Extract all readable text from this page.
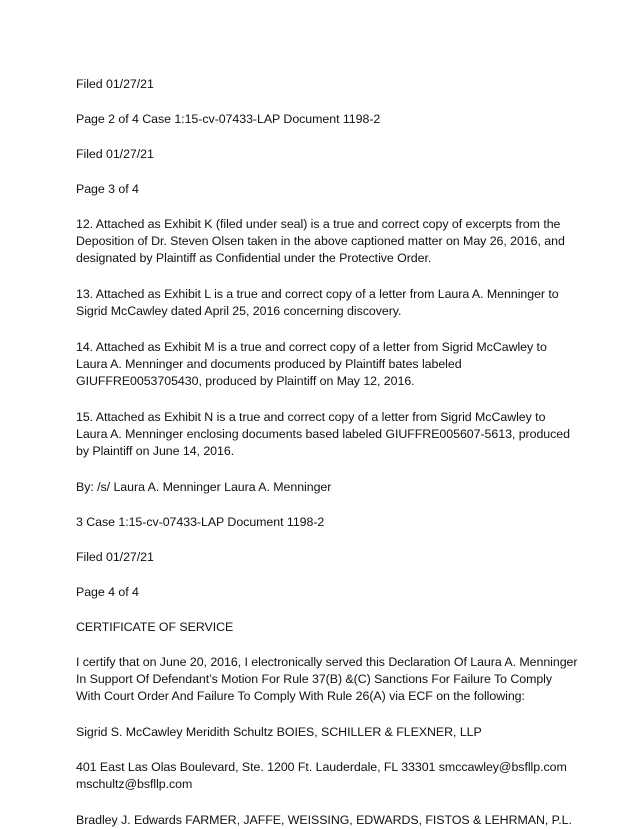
Filed 01/27/21

Page 2 of 4 Case 1:15-cv-07433-LAP Document 1198-2

Filed 01/27/21

Page 3 of 4

12. Attached as Exhibit K (filed under seal) is a true and correct copy of excerpts from the Deposition of Dr. Steven Olsen taken in the above captioned matter on May 26, 2016, and designated by Plaintiff as Confidential under the Protective Order.

13. Attached as Exhibit L is a true and correct copy of a letter from Laura A. Menninger to Sigrid McCawley dated April 25, 2016 concerning discovery.

14. Attached as Exhibit M is a true and correct copy of a letter from Sigrid McCawley to Laura A. Menninger and documents produced by Plaintiff bates labeled GIUFFRE0053705430, produced by Plaintiff on May 12, 2016.

15. Attached as Exhibit N is a true and correct copy of a letter from Sigrid McCawley to Laura A. Menninger enclosing documents based labeled GIUFFRE005607-5613, produced by Plaintiff on June 14, 2016.

By: /s/ Laura A. Menninger Laura A. Menninger

3 Case 1:15-cv-07433-LAP Document 1198-2

Filed 01/27/21

Page 4 of 4

CERTIFICATE OF SERVICE

I certify that on June 20, 2016, I electronically served this Declaration Of Laura A. Menninger In Support Of Defendant’s Motion For Rule 37(B) &(C) Sanctions For Failure To Comply With Court Order And Failure To Comply With Rule 26(A) via ECF on the following:

Sigrid S. McCawley Meridith Schultz BOIES, SCHILLER & FLEXNER, LLP

401 East Las Olas Boulevard, Ste. 1200 Ft. Lauderdale, FL 33301 smccawley@bsfllp.com mschultz@bsfllp.com

Bradley J. Edwards FARMER, JAFFE, WEISSING, EDWARDS, FISTOS & LEHRMAN, P.L.
